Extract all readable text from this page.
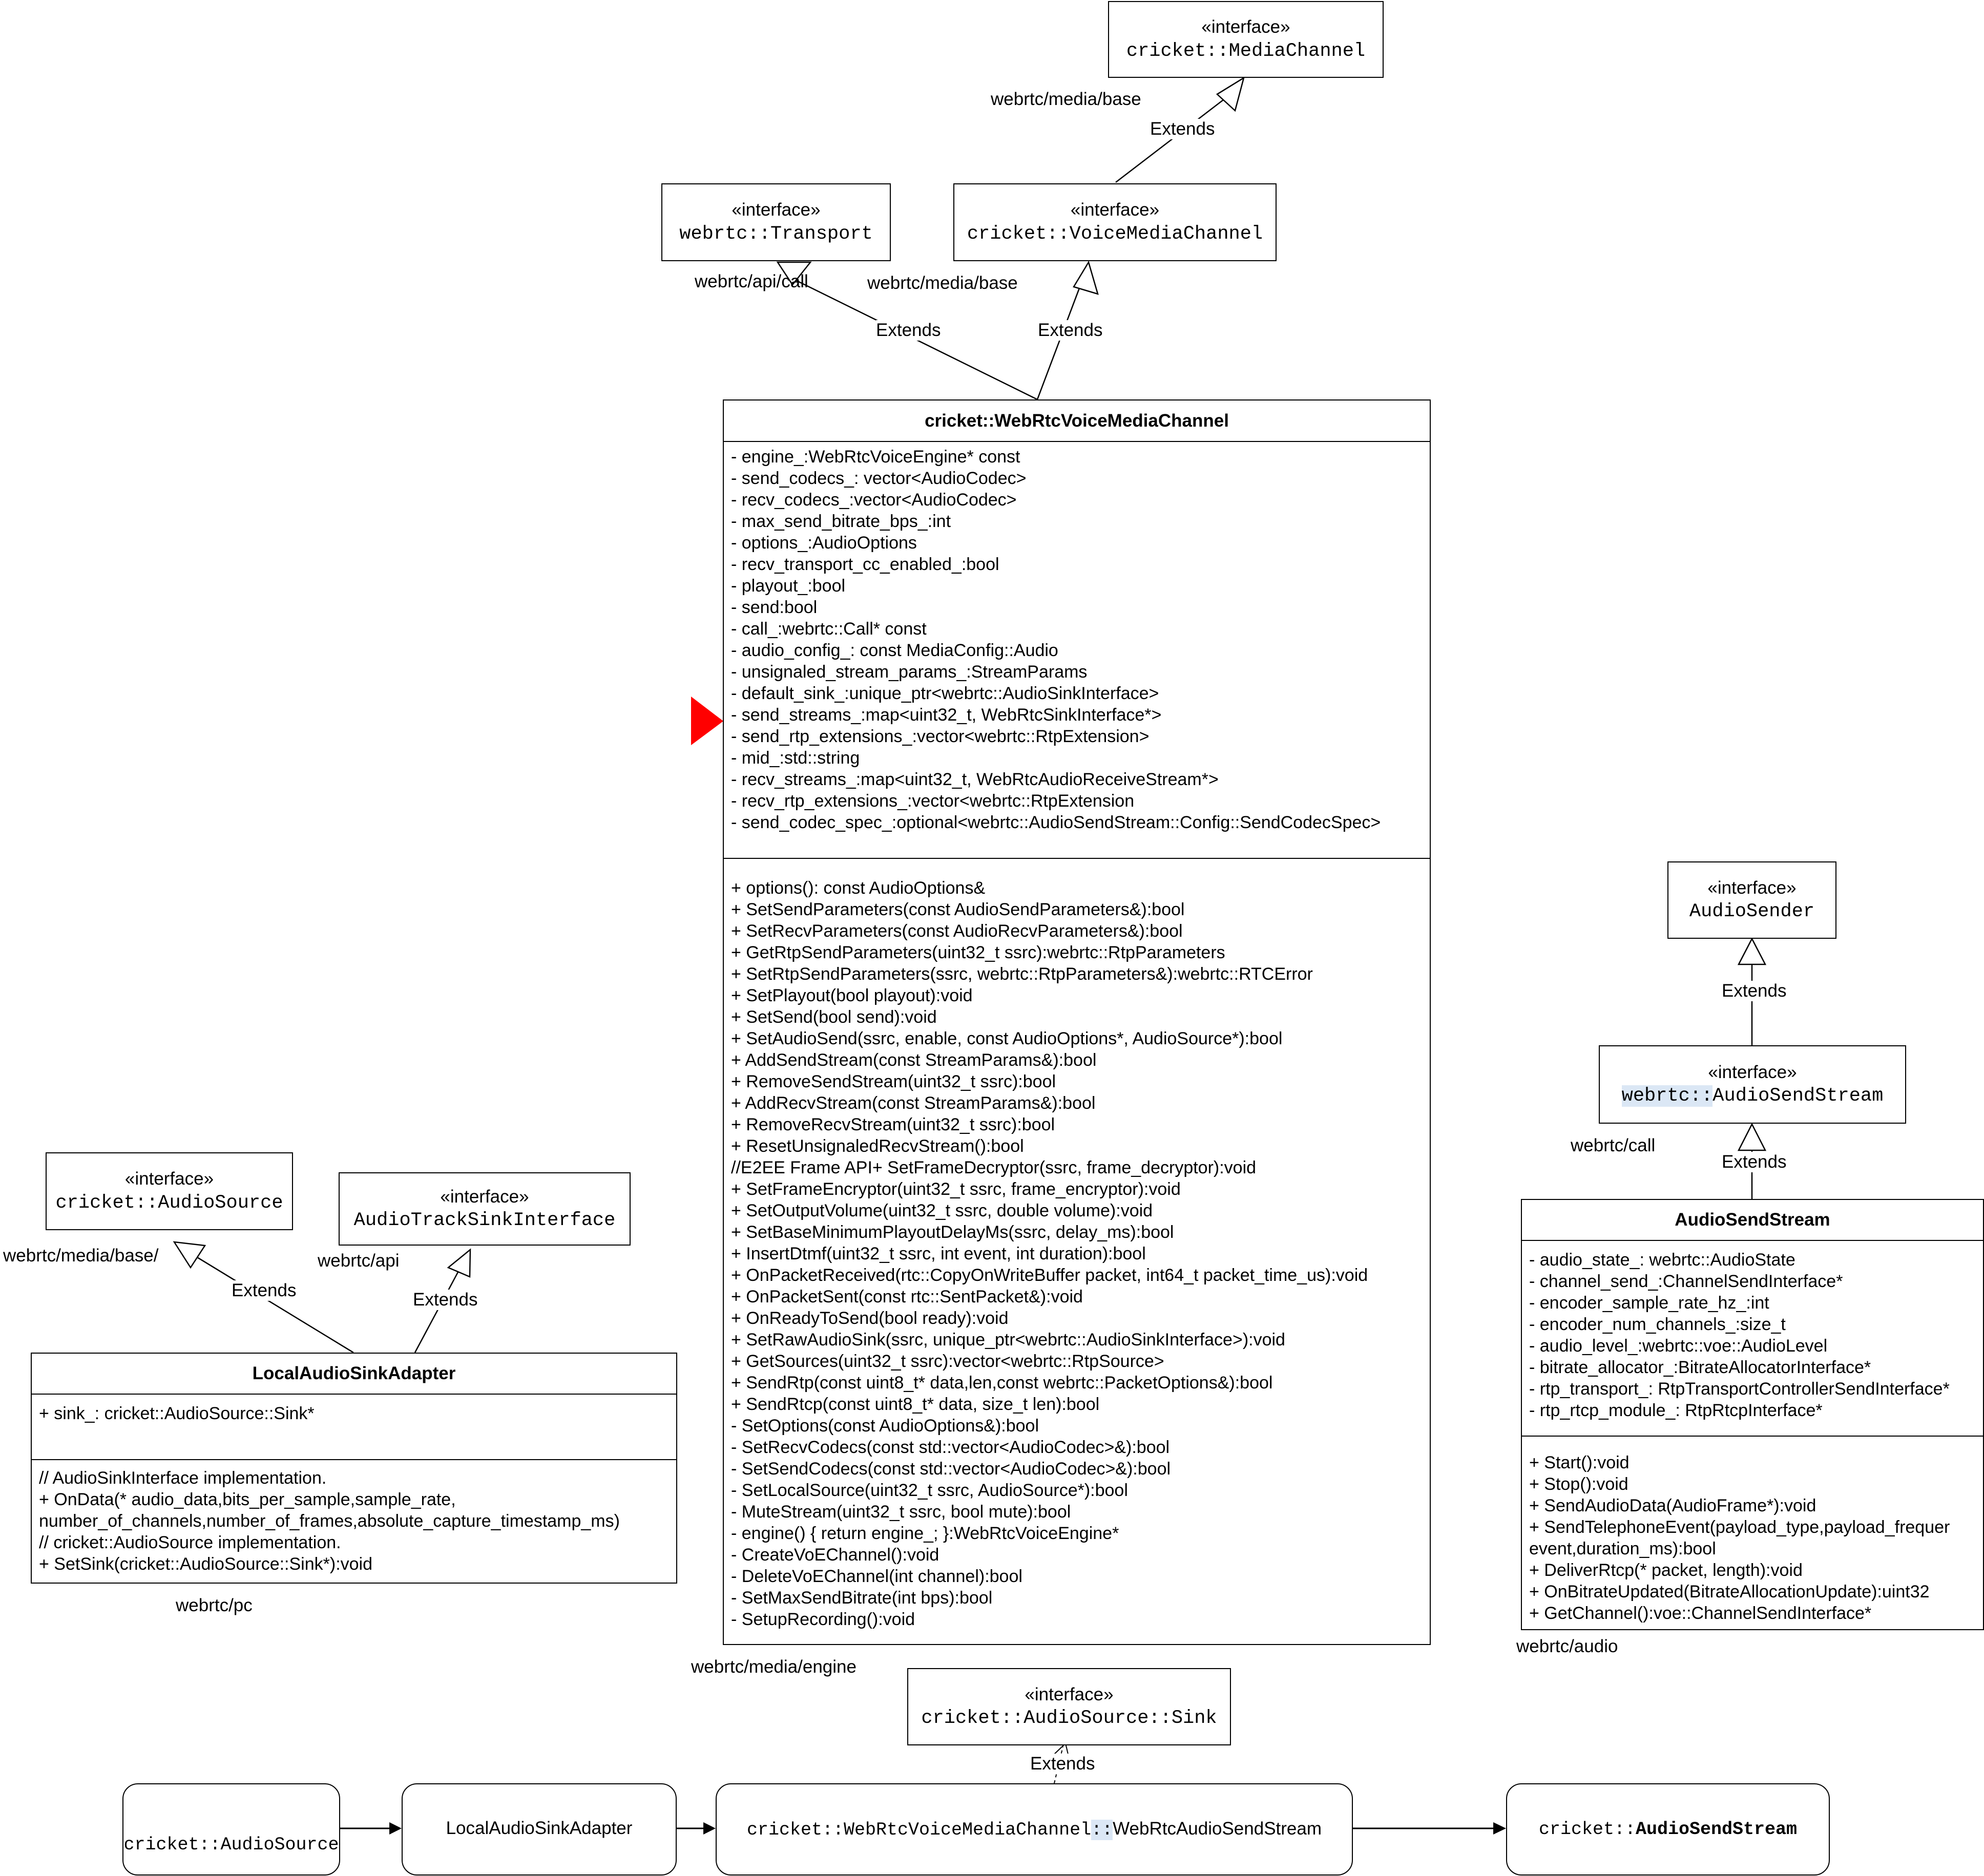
«interface»
cricket::MediaChannel
«interface»
webrtc::Transport
«interface»
cricket::VoiceMediaChannel
«interface»
AudioSender
«interface»
webrtc::AudioSendStream
«interface»
cricket::AudioSource	«interface»
AudioTrackSinkInterface
«interface»
cricket::AudioSource::Sink
Extends
Extends	Extends
Extends
Extends
Extends	Extends
Extends
webrtc/media/base
webrtc/api/call	webrtc/media/base
webrtc/call
webrtc/media/base/	webrtc/api
webrtc/pc
webrtc/media/engine
webrtc/audio
cricket::WebRtcVoiceMediaChannel
- engine_:WebRtcVoiceEngine* const
- send_codecs_: vector<AudioCodec>
- recv_codecs_:vector<AudioCodec>
- max_send_bitrate_bps_:int
- options_:AudioOptions
- recv_transport_cc_enabled_:bool
- playout_:bool
- send:bool
- call_:webrtc::Call* const
- audio_config_: const MediaConfig::Audio
- unsignaled_stream_params_:StreamParams
- default_sink_:unique_ptr<webrtc::AudioSinkInterface>
- send_streams_:map<uint32_t, WebRtcSinkInterface*>
- send_rtp_extensions_:vector<webrtc::RtpExtension>
- mid_:std::string
- recv_streams_:map<uint32_t, WebRtcAudioReceiveStream*>
- recv_rtp_extensions_:vector<webrtc::RtpExtension
- send_codec_spec_:optional<webrtc::AudioSendStream::Config::SendCodecSpec>
+ options(): const AudioOptions&
+ SetSendParameters(const AudioSendParameters&):bool
+ SetRecvParameters(const AudioRecvParameters&):bool
+ GetRtpSendParameters(uint32_t ssrc):webrtc::RtpParameters
+ SetRtpSendParameters(ssrc, webrtc::RtpParameters&):webrtc::RTCError
+ SetPlayout(bool playout):void
+ SetSend(bool send):void
+ SetAudioSend(ssrc, enable, const AudioOptions*, AudioSource*):bool
+ AddSendStream(const StreamParams&):bool
+ RemoveSendStream(uint32_t ssrc):bool
+ AddRecvStream(const StreamParams&):bool
+ RemoveRecvStream(uint32_t ssrc):bool
+ ResetUnsignaledRecvStream():bool
//E2EE Frame API+ SetFrameDecryptor(ssrc, frame_decryptor):void
+ SetFrameEncryptor(uint32_t ssrc, frame_encryptor):void
+ SetOutputVolume(uint32_t ssrc, double volume):void
+ SetBaseMinimumPlayoutDelayMs(ssrc, delay_ms):bool
+ InsertDtmf(uint32_t ssrc, int event, int duration):bool
+ OnPacketReceived(rtc::CopyOnWriteBuffer packet, int64_t packet_time_us):void
+ OnPacketSent(const rtc::SentPacket&):void
+ OnReadyToSend(bool ready):void
+ SetRawAudioSink(ssrc, unique_ptr<webrtc::AudioSinkInterface>):void
+ GetSources(uint32_t ssrc):vector<webrtc::RtpSource>
+ SendRtp(const uint8_t* data,len,const webrtc::PacketOptions&):bool
+ SendRtcp(const uint8_t* data, size_t len):bool
- SetOptions(const AudioOptions&):bool
- SetRecvCodecs(const std::vector<AudioCodec>&):bool
- SetSendCodecs(const std::vector<AudioCodec>&):bool
- SetLocalSource(uint32_t ssrc, AudioSource*):bool
- MuteStream(uint32_t ssrc, bool mute):bool
- engine() { return engine_; }:WebRtcVoiceEngine*
- CreateVoEChannel():void
- DeleteVoEChannel(int channel):bool
- SetMaxSendBitrate(int bps):bool
- SetupRecording():void
LocalAudioSinkAdapter
+ sink_: cricket::AudioSource::Sink*
// AudioSinkInterface implementation.
+ OnData(* audio_data,bits_per_sample,sample_rate,
number_of_channels,number_of_frames,absolute_capture_timestamp_ms)
// cricket::AudioSource implementation.
+ SetSink(cricket::AudioSource::Sink*):void
AudioSendStream
- audio_state_: webrtc::AudioState
- channel_send_:ChannelSendInterface*
- encoder_sample_rate_hz_:int
- encoder_num_channels_:size_t
- audio_level_:webrtc::voe::AudioLevel
- bitrate_allocator_:BitrateAllocatorInterface*
- rtp_transport_: RtpTransportControllerSendInterface*
- rtp_rtcp_module_: RtpRtcpInterface*
+ Start():void
+ Stop():void
+ SendAudioData(AudioFrame*):void
+ SendTelephoneEvent(payload_type,payload_frequer
event,duration_ms):bool
+ DeliverRtcp(* packet, length):void
+ OnBitrateUpdated(BitrateAllocationUpdate):uint32
+ GetChannel():voe::ChannelSendInterface*
cricket::AudioSource
LocalAudioSinkAdapter	cricket::WebRtcVoiceMediaChannel::WebRtcAudioSendStream	cricket::AudioSendStream
